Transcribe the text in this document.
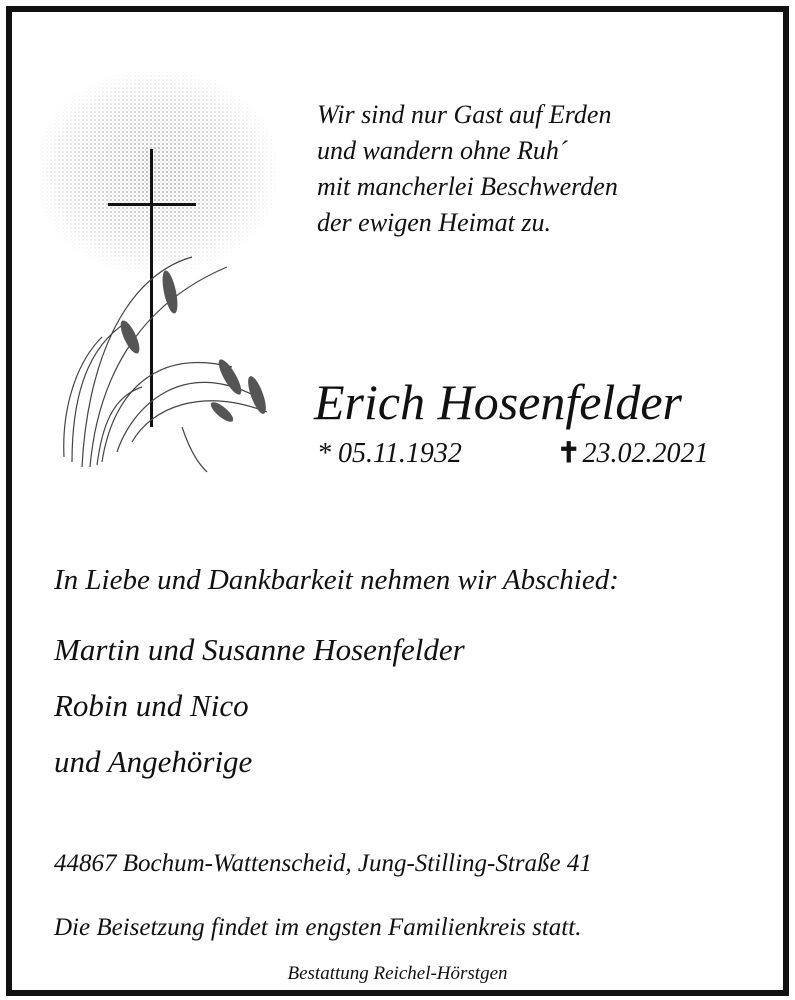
Wir sind nur Gast auf Erden
und wandern ohne Ruh´
mit mancherlei Beschwerden
der ewigen Heimat zu.
Erich Hosenfelder
* 05.11.1932	✝23.02.2021
In Liebe und Dankbarkeit nehmen wir Abschied:
Martin und Susanne Hosenfelder
Robin und Nico
und Angehörige
44867 Bochum-Wattenscheid, Jung-Stilling-Straße 41
Die Beisetzung findet im engsten Familienkreis statt.
Bestattung Reichel-Hörstgen
